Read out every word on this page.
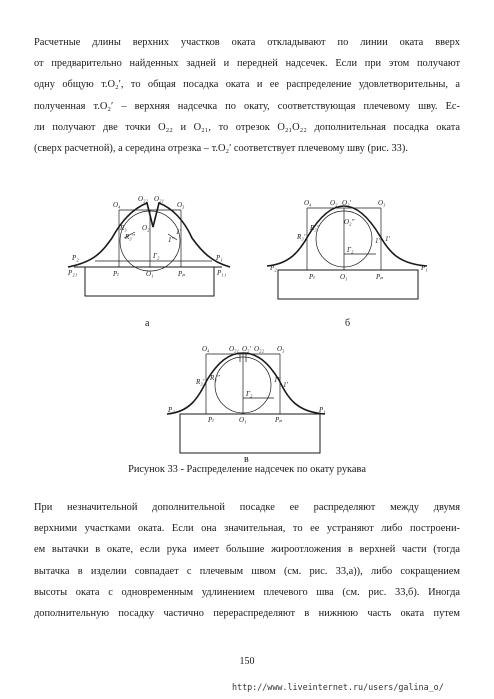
Расчетные длины верхних участков оката откладывают по линии оката вверх
от предварительно найденных задней и передней надсечек. Если при этом получают
одну общую т.О₂′, то общая посадка оката и ее распределение удовлетворительны, а
полученная т.О₂′ – верхняя надсечка по окату, соответствующая плечевому шву. Ес-
ли получают две точки О₂₂ и О₂₁, то отрезок О₂₁О₂₂ дополнительная посадка оката
(сверх расчетной), а середина отрезка – т.О₂′ соответствует плечевому шву (рис. 33).

O₄
O₂₂ O₂₁
O₃
O₂
R₃
R₃″
1′
1″
P₂
P₂₁
P₁
P₁₁
Pₗ	O₁
Г₂
Pₚ
а
O₄	O₂ O₂′	O₃
O₂″
R₃′
R₃″
1′
1″
P₂	P₁
Pₗ	O₁
Г₂
Pₚ
б
O₄	O₂₁ O₂′ O₂₂ O₃
R₃′ R₃″
1′
1″
P₂	P₁
Pₗ	O₁
Г₂
Pₚ
в
Рисунок 33 - Распределение надсечек по окату рукава

При незначительной дополнительной посадке ее распределяют между двумя
верхними участками оката. Если она значительная, то ее устраняют либо построени-
ем вытачки в окате, если рука имеет большие жироотложения в верхней части (тогда
вытачка в изделии совпадает с плечевым швом (см. рис. 33,а)), либо сокращением
высоты оката с одновременным удлинением плечевого шва (см. рис. 33,б). Иногда
дополнительную посадку частично перераспределяют в нижнюю часть оката путем

150
http://www.liveinternet.ru/users/galina_o/
